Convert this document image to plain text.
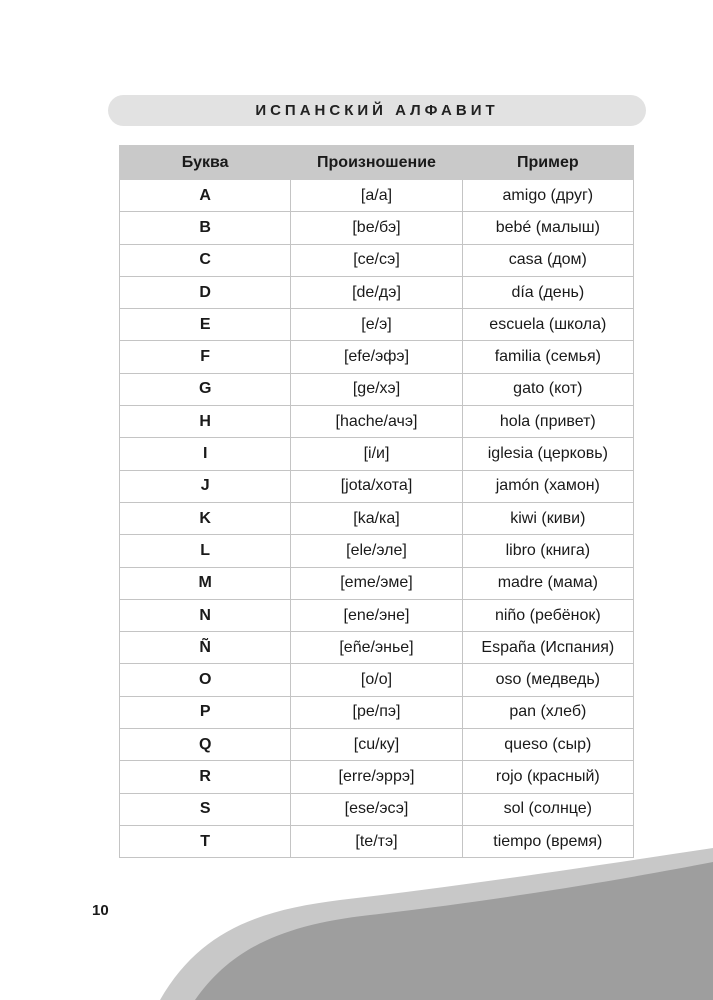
ИСПАНСКИЙ АЛФАВИТ
Буква	Произношение	Пример
A	[a/а]	amigo (друг)
B	[be/бэ]	bebé (малыш)
C	[ce/сэ]	casa (дом)
D	[de/дэ]	día (день)
E	[e/э]	escuela (школа)
F	[efe/эфэ]	familia (семья)
G	[ge/хэ]	gato (кот)
H	[hache/ачэ]	hola (привет)
I	[i/и]	iglesia (церковь)
J	[jota/хота]	jamón (хамон)
K	[ka/ка]	kiwi (киви)
L	[ele/эле]	libro (книга)
M	[eme/эме]	madre (мама)
N	[ene/эне]	niño (ребёнок)
Ñ	[eñe/энье]	España (Испания)
O	[o/о]	oso (медведь)
P	[pe/пэ]	pan (хлеб)
Q	[cu/ку]	queso (сыр)
R	[erre/эррэ]	rojo (красный)
S	[ese/эсэ]	sol (солнце)
T	[te/тэ]	tiempo (время)
10
